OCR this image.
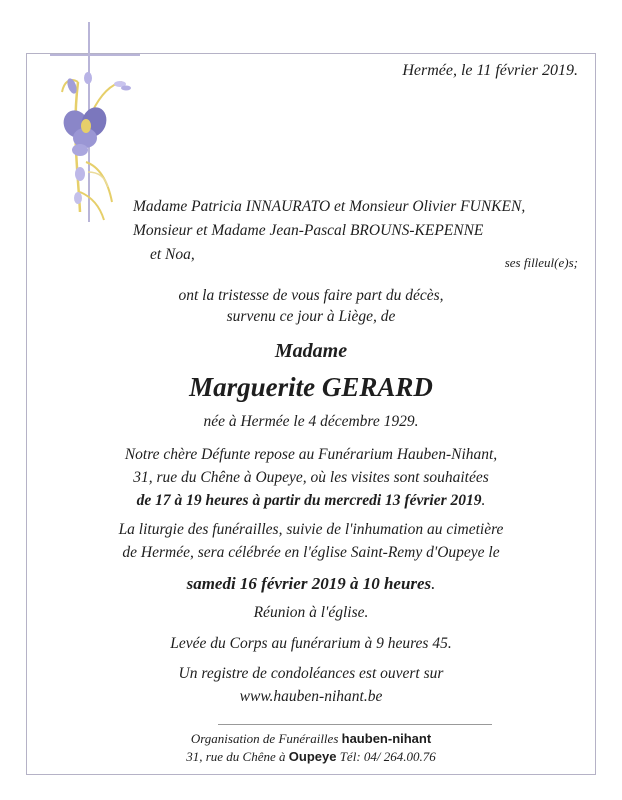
Hermée, le 11 février 2019.
Madame Patricia INNAURATO et Monsieur Olivier FUNKEN,
Monsieur et Madame Jean-Pascal BROUNS-KEPENNE
et Noa,	ses filleul(e)s;
ont la tristesse de vous faire part du décès,
survenu ce jour à Liège, de
Madame
Marguerite GERARD
née à Hermée le 4 décembre 1929.
Notre chère Défunte repose au Funérarium Hauben-Nihant,
31, rue du Chêne à Oupeye, où les visites sont souhaitées
de 17 à 19 heures à partir du mercredi 13 février 2019.
La liturgie des funérailles, suivie de l'inhumation au cimetière
de Hermée, sera célébrée en l'église Saint-Remy d'Oupeye le
samedi 16 février 2019 à 10 heures.
Réunion à l'église.
Levée du Corps au funérarium à 9 heures 45.
Un registre de condoléances est ouvert sur
www.hauben-nihant.be
Organisation de Funérailles hauben-nihant
31, rue du Chêne à Oupeye Tél: 04/ 264.00.76
